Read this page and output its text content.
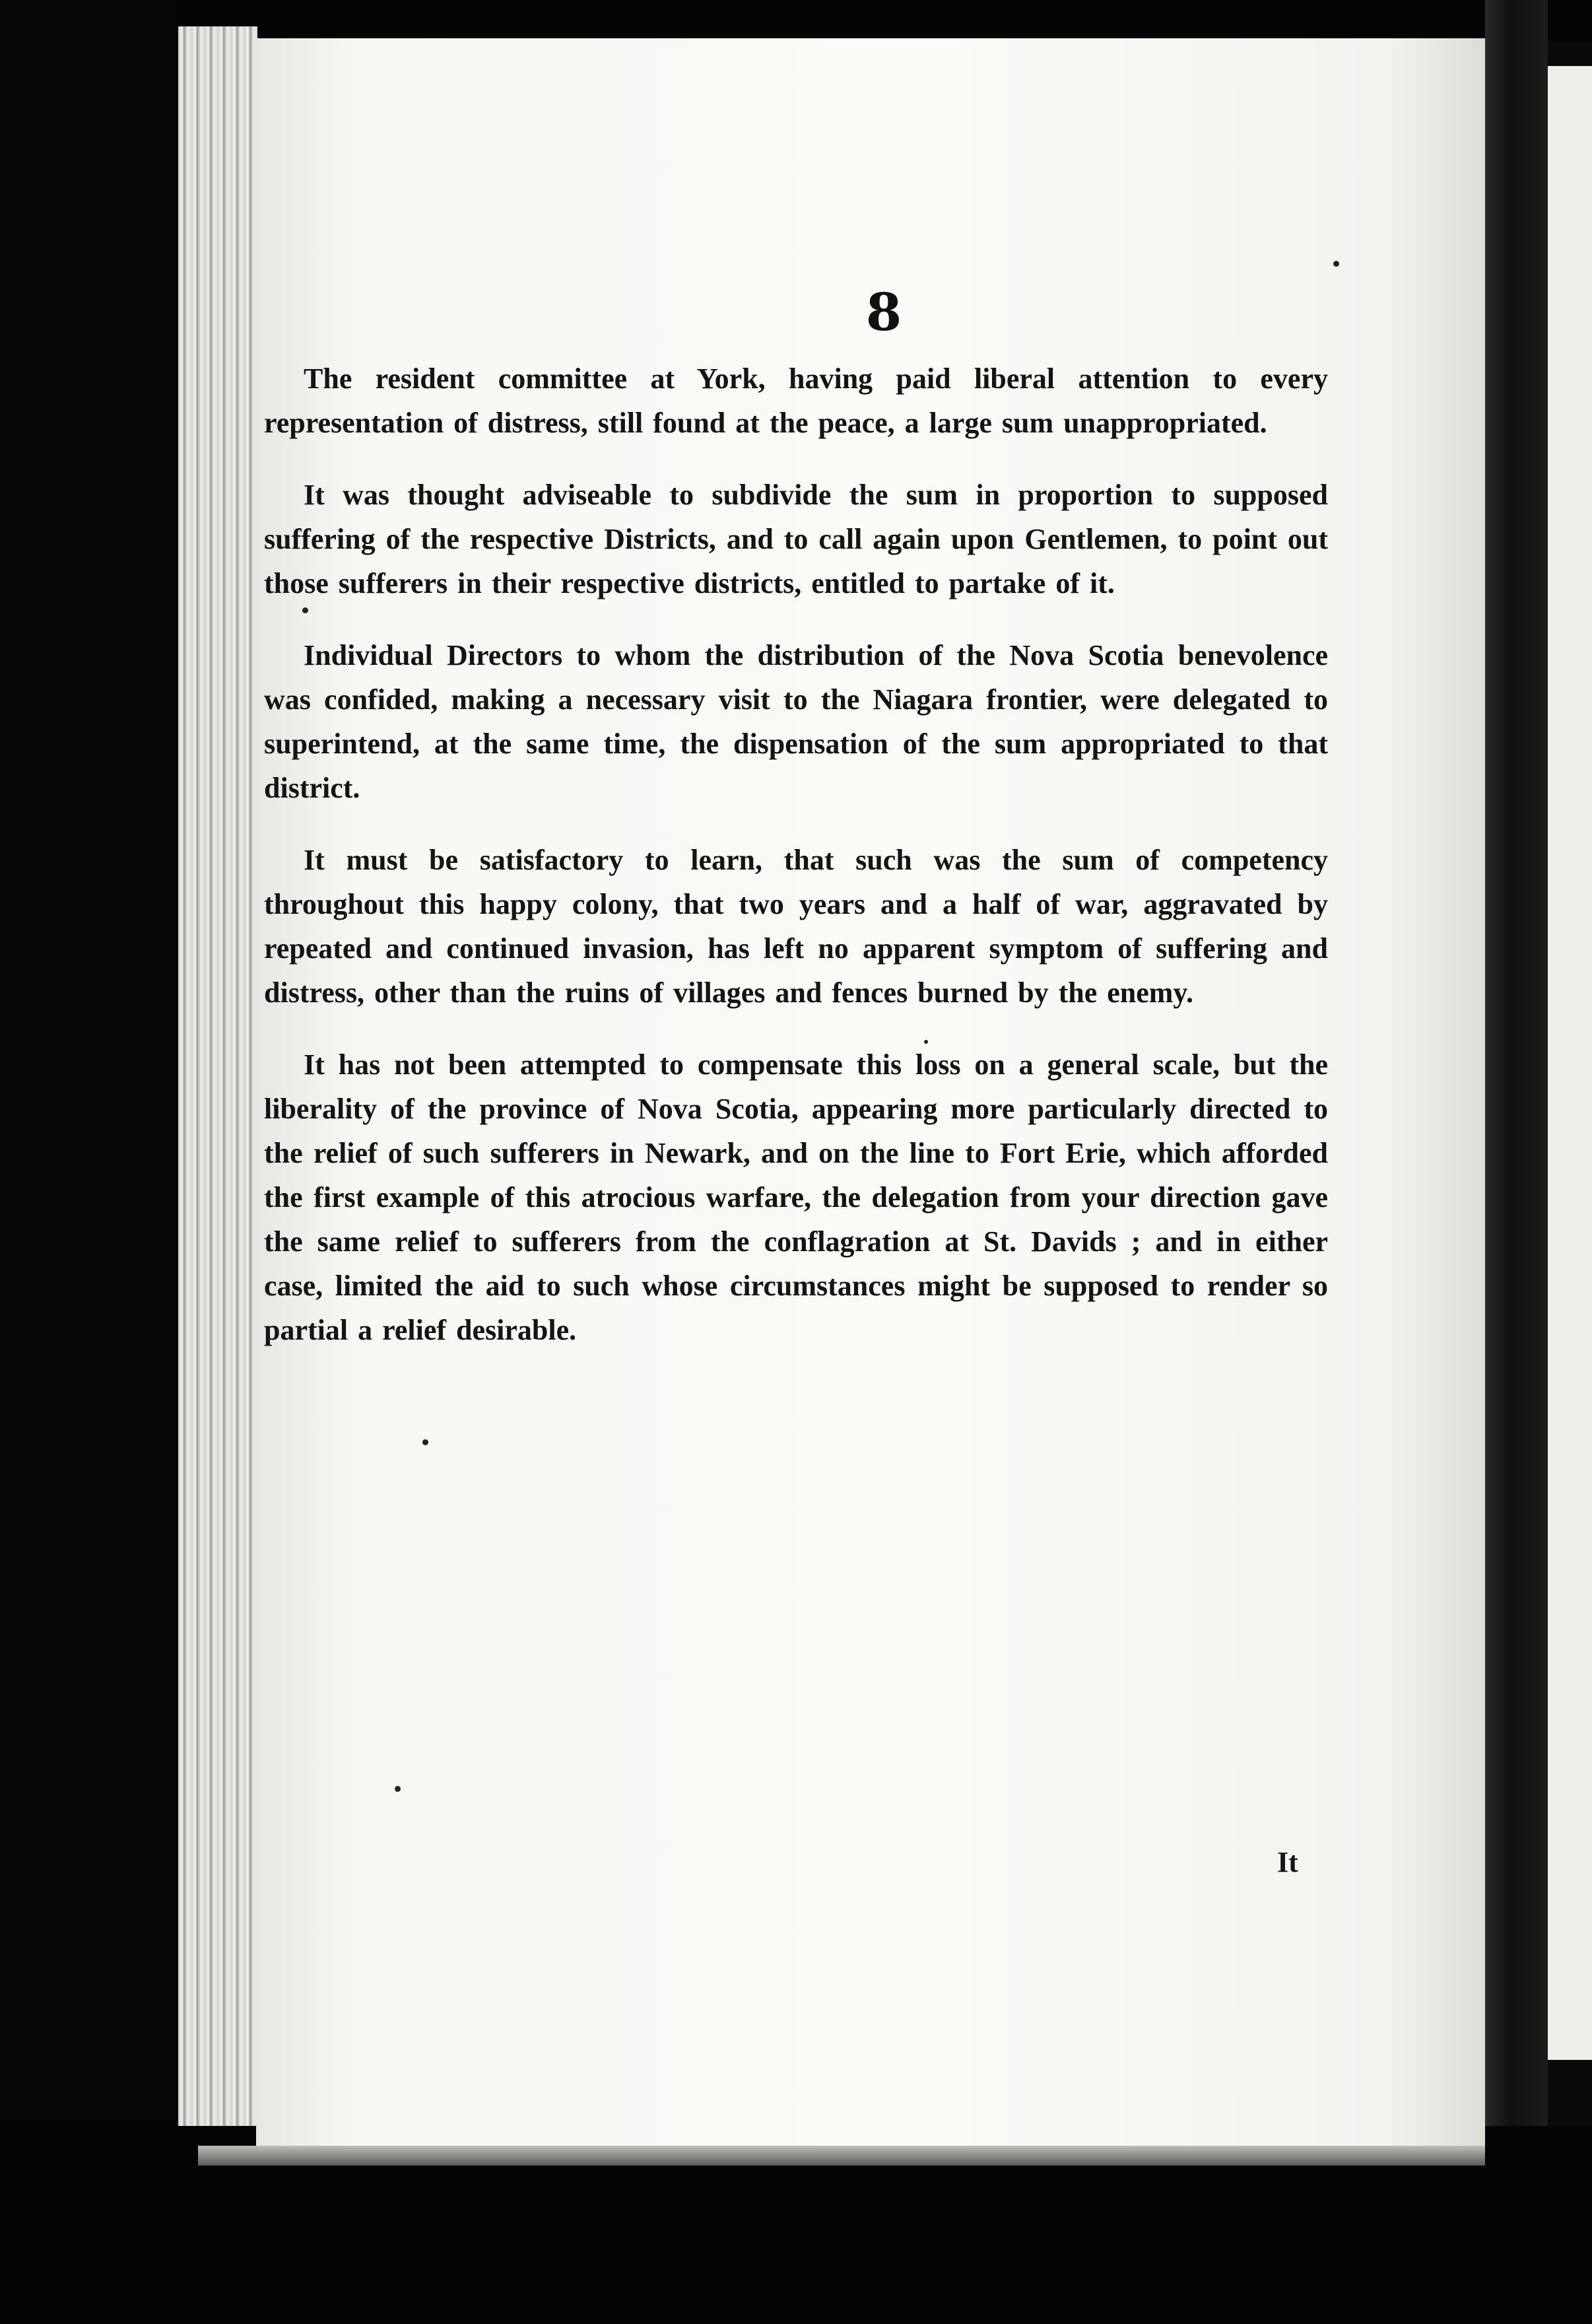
8

The resident committee at York, having paid liberal attention to every representation of distress, still found at the peace, a large sum unappropriated.

It was thought adviseable to subdivide the sum in proportion to supposed suffering of the respective Districts, and to call again upon Gentlemen, to point out those sufferers in their respective districts, entitled to partake of it.

Individual Directors to whom the distribution of the Nova Scotia benevolence was confided, making a necessary visit to the Niagara frontier, were delegated to superintend, at the same time, the dispensation of the sum appropriated to that district.

It must be satisfactory to learn, that such was the sum of competency throughout this happy colony, that two years and a half of war, aggravated by repeated and continued invasion, has left no apparent symptom of suffering and distress, other than the ruins of villages and fences burned by the enemy.

It has not been attempted to compensate this loss on a general scale, but the liberality of the province of Nova Scotia, appearing more particularly directed to the relief of such sufferers in Newark, and on the line to Fort Erie, which afforded the first example of this atrocious warfare, the delegation from your direction gave the same relief to sufferers from the conflagration at St. Davids ; and in either case, limited the aid to such whose circumstances might be supposed to render so partial a relief desirable.

It
